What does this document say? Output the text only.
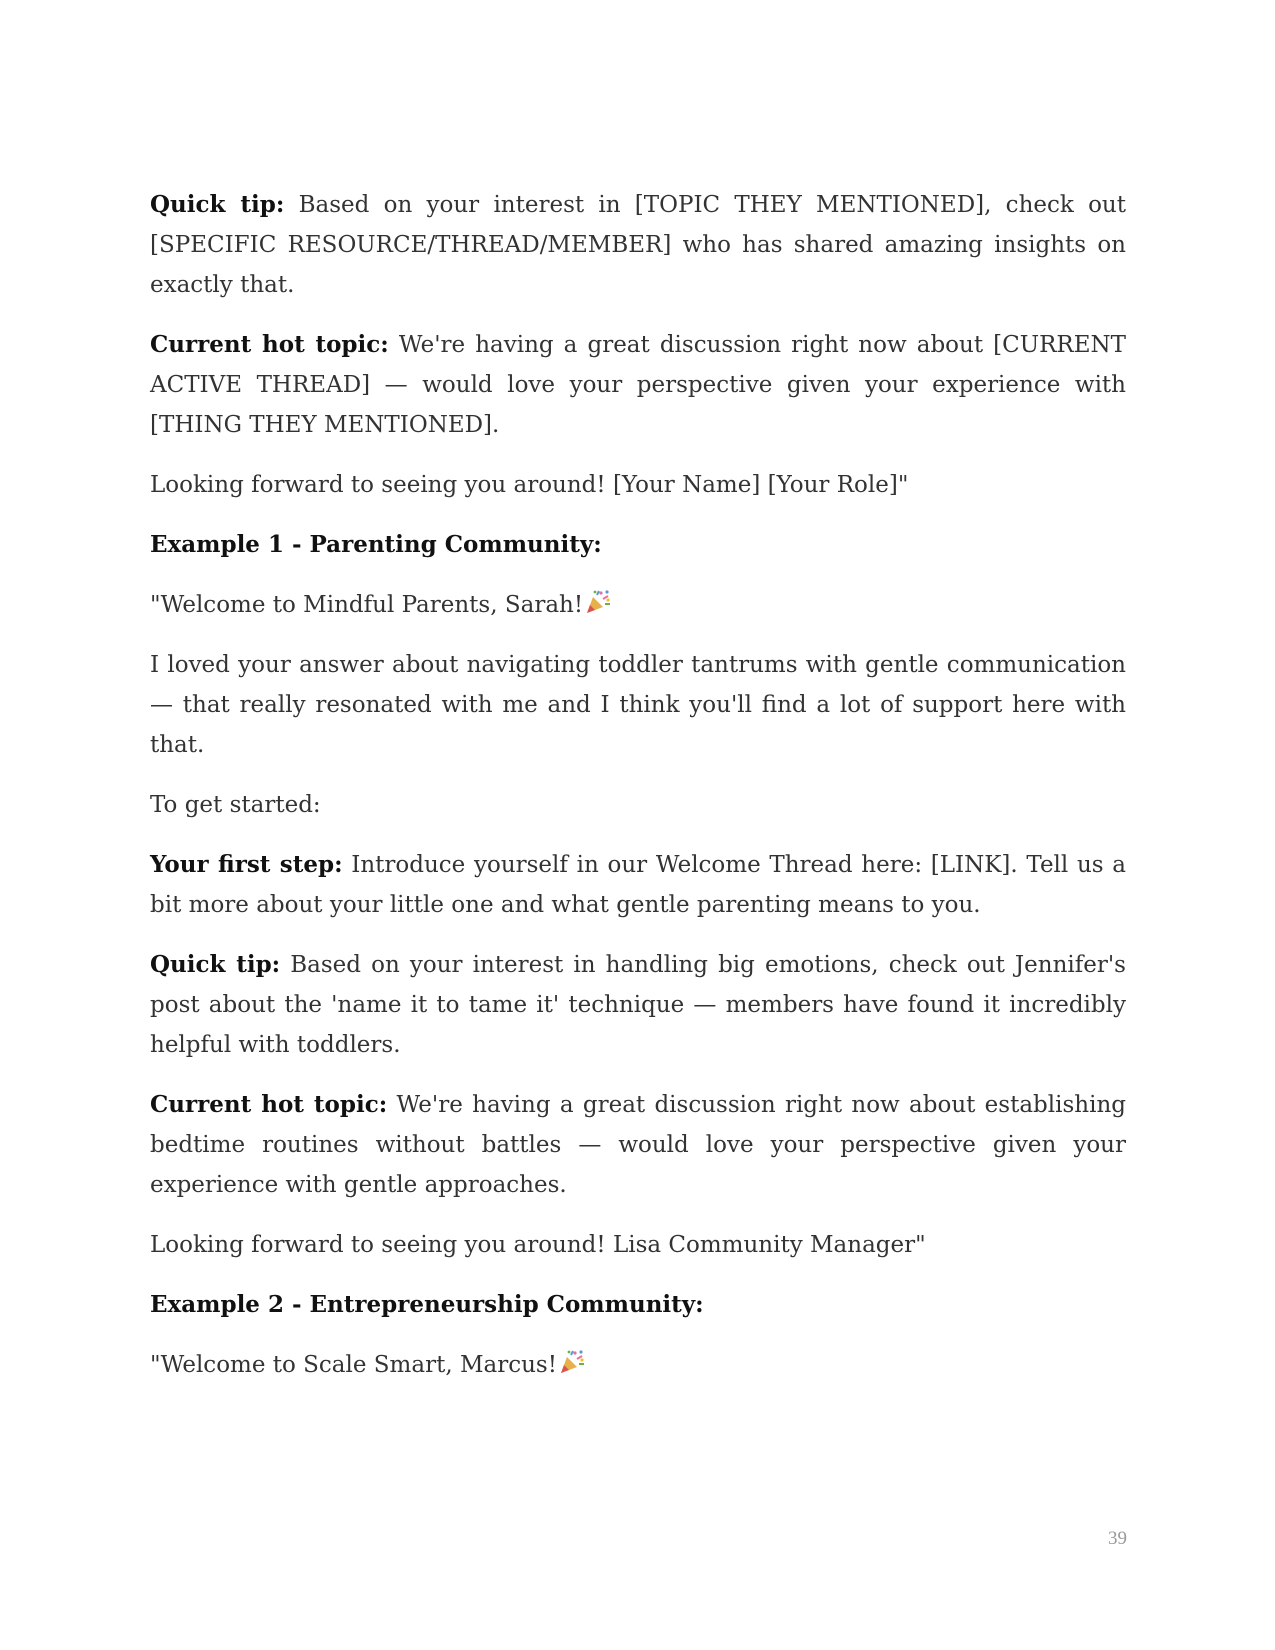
Quick tip: Based on your interest in [TOPIC THEY MENTIONED], check out [SPECIFIC RESOURCE/THREAD/MEMBER] who has shared amazing insights on exactly that.

Current hot topic: We're having a great discussion right now about [CURRENT ACTIVE THREAD] — would love your perspective given your experience with [THING THEY MENTIONED].

Looking forward to seeing you around! [Your Name] [Your Role]"

Example 1 - Parenting Community:

"Welcome to Mindful Parents, Sarah!

I loved your answer about navigating toddler tantrums with gentle communication — that really resonated with me and I think you'll find a lot of support here with that.

To get started:

Your first step: Introduce yourself in our Welcome Thread here: [LINK]. Tell us a bit more about your little one and what gentle parenting means to you.

Quick tip: Based on your interest in handling big emotions, check out Jennifer's post about the 'name it to tame it' technique — members have found it incredibly helpful with toddlers.

Current hot topic: We're having a great discussion right now about establishing bedtime routines without battles — would love your perspective given your experience with gentle approaches.

Looking forward to seeing you around! Lisa Community Manager"

Example 2 - Entrepreneurship Community:

"Welcome to Scale Smart, Marcus!

39
